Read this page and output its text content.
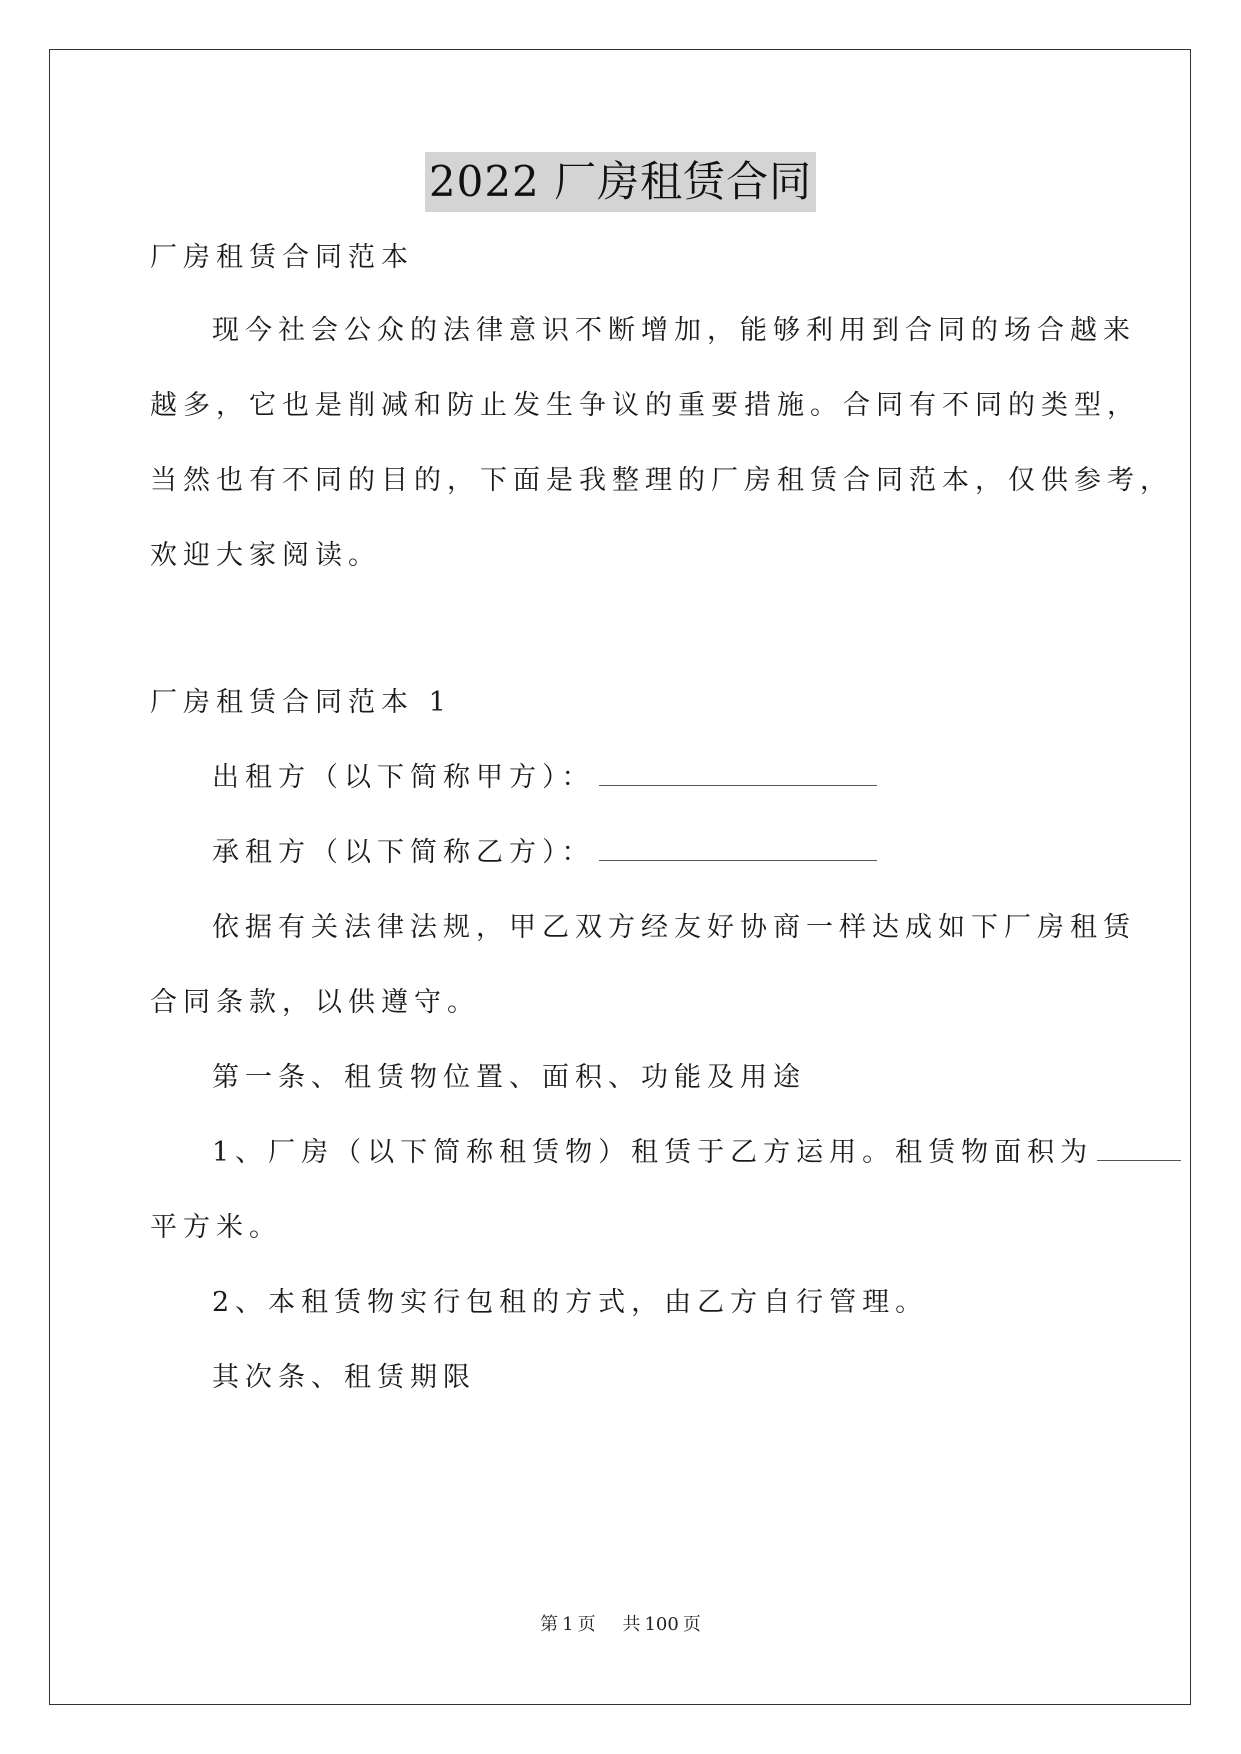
2022 厂房租赁合同
厂房租赁合同范本
现今社会公众的法律意识不断增加，能够利用到合同的场合越来
越多，它也是削减和防止发生争议的重要措施。合同有不同的类型，
当然也有不同的目的，下面是我整理的厂房租赁合同范本，仅供参考，
欢迎大家阅读。
厂房租赁合同范本 1
出租方（以下简称甲方）：
承租方（以下简称乙方）：
依据有关法律法规，甲乙双方经友好协商一样达成如下厂房租赁
合同条款，以供遵守。
第一条、租赁物位置、面积、功能及用途
1、厂房（以下简称租赁物）租赁于乙方运用。租赁物面积为
平方米。
2、本租赁物实行包租的方式，由乙方自行管理。
其次条、租赁期限
第 1 页 共 100 页
